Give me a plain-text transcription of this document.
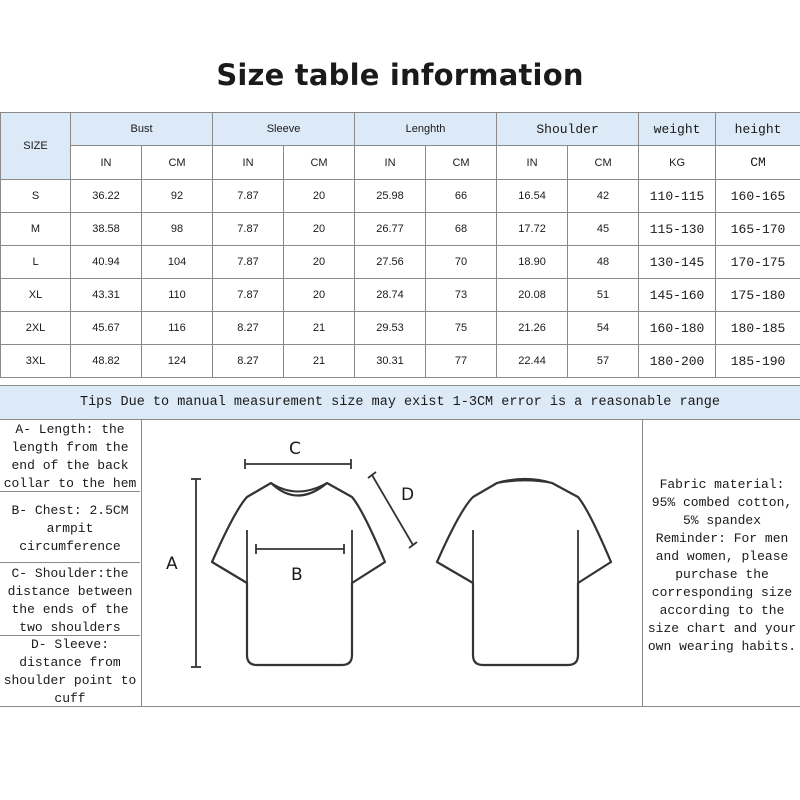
Size table information
SIZE	Bust		Sleeve		Lenghth		Shoulder		weight	height
	IN	CM	IN	CM	IN	CM	IN	CM	KG	CM
S	36.22	92	7.87	20	25.98	66	16.54	42	110-115	160-165
M	38.58	98	7.87	20	26.77	68	17.72	45	115-130	165-170
L	40.94	104	7.87	20	27.56	70	18.90	48	130-145	170-175
XL	43.31	110	7.87	20	28.74	73	20.08	51	145-160	175-180
2XL	45.67	116	8.27	21	29.53	75	21.26	54	160-180	180-185
3XL	48.82	124	8.27	21	30.31	77	22.44	57	180-200	185-190
Tips Due to manual measurement size may exist 1-3CM error is a reasonable range
A- Length: the
length from the
end of the back
collar to the hem
B- Chest: 2.5CM
armpit
circumference
C- Shoulder:the
distance between
the ends of the
two shoulders
D- Sleeve:
distance from
shoulder point to
cuff
Fabric material:
95% combed cotton,
5% spandex
Reminder: For men
and women, please
purchase the
corresponding size
according to the
size chart and your
own wearing habits.
A
B
C
D
